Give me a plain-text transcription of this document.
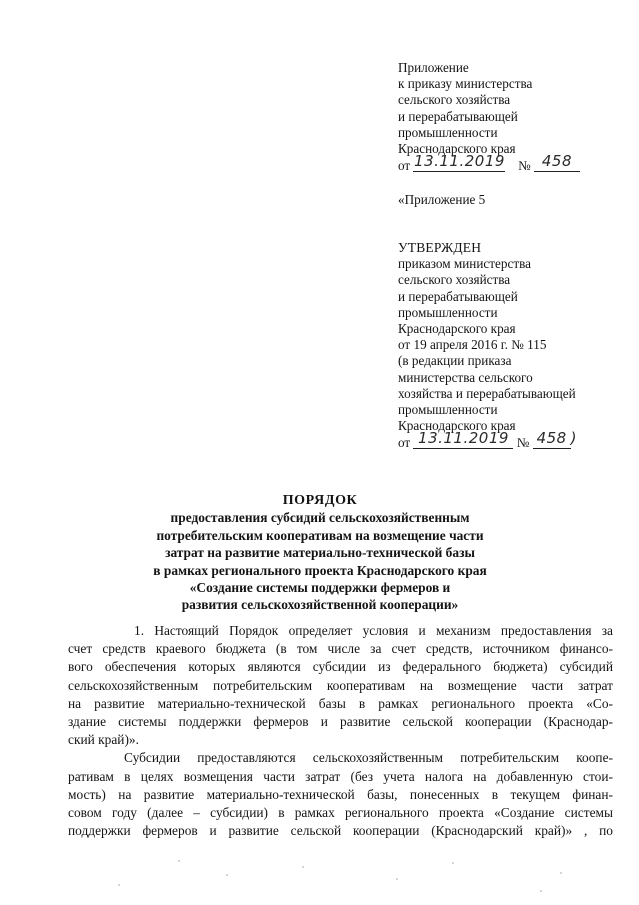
Приложение
к приказу министерства
сельского хозяйства
и перерабатывающей
промышленности
Краснодарского края
от 13.11.2019 № 458
«Приложение 5
УТВЕРЖДЕН
приказом министерства
сельского хозяйства
и перерабатывающей
промышленности
Краснодарского края
от 19 апреля 2016 г. № 115
(в редакции приказа
министерства сельского
хозяйства и перерабатывающей
промышленности
Краснодарского края
от 13.11.2019 № 458 )
ПОРЯДОК
предоставления субсидий сельскохозяйственным
потребительским кооперативам на возмещение части
затрат на развитие материально-технической базы
в рамках регионального проекта Краснодарского края
«Создание системы поддержки фермеров и
развития сельскохозяйственной кооперации»
1. Настоящий Порядок определяет условия и механизм предоставления за
счет средств краевого бюджета (в том числе за счет средств, источником финансо-
вого обеспечения которых являются субсидии из федерального бюджета) субсидий
сельскохозяйственным потребительским кооперативам на возмещение части затрат
на развитие материально-технической базы в рамках регионального проекта «Со-
здание системы поддержки фермеров и развитие сельской кооперации (Краснодар-
ский край)».
Субсидии предоставляются сельскохозяйственным потребительским коопе-
ративам в целях возмещения части затрат (без учета налога на добавленную стои-
мость) на развитие материально-технической базы, понесенных в текущем финан-
совом году (далее – субсидии) в рамках регионального проекта «Создание системы
поддержки фермеров и развитие сельской кооперации (Краснодарский край)» , по
